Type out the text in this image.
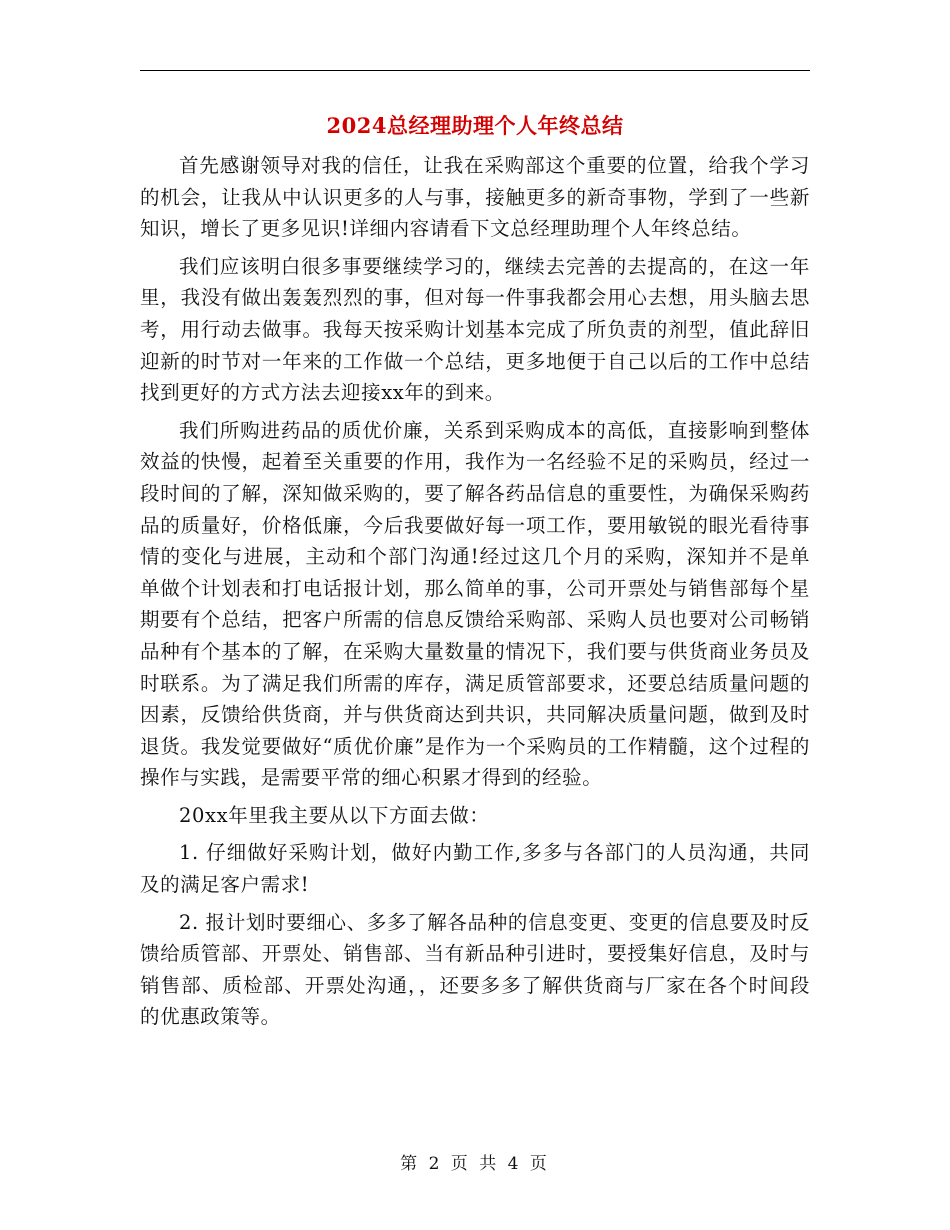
2024总经理助理个人年终总结

首先感谢领导对我的信任，让我在采购部这个重要的位置，给我个学习的机会，让我从中认识更多的人与事，接触更多的新奇事物，学到了一些新知识，增长了更多见识!详细内容请看下文总经理助理个人年终总结。

我们应该明白很多事要继续学习的，继续去完善的去提高的，在这一年里，我没有做出轰轰烈烈的事，但对每一件事我都会用心去想，用头脑去思考，用行动去做事。我每天按采购计划基本完成了所负责的剂型，值此辞旧迎新的时节对一年来的工作做一个总结，更多地便于自己以后的工作中总结找到更好的方式方法去迎接xx年的到来。

我们所购进药品的质优价廉，关系到采购成本的高低，直接影响到整体效益的快慢，起着至关重要的作用，我作为一名经验不足的采购员，经过一段时间的了解，深知做采购的，要了解各药品信息的重要性，为确保采购药品的质量好，价格低廉，今后我要做好每一项工作，要用敏锐的眼光看待事情的变化与进展，主动和个部门沟通!经过这几个月的采购，深知并不是单单做个计划表和打电话报计划，那么简单的事，公司开票处与销售部每个星期要有个总结，把客户所需的信息反馈给采购部、采购人员也要对公司畅销品种有个基本的了解，在采购大量数量的情况下，我们要与供货商业务员及时联系。为了满足我们所需的库存，满足质管部要求，还要总结质量问题的因素，反馈给供货商，并与供货商达到共识，共同解决质量问题，做到及时退货。我发觉要做好“质优价廉”是作为一个采购员的工作精髓，这个过程的操作与实践，是需要平常的细心积累才得到的经验。

20xx年里我主要从以下方面去做：

1. 仔细做好采购计划，做好内勤工作,多多与各部门的人员沟通，共同及的满足客户需求!

2. 报计划时要细心、多多了解各品种的信息变更、变更的信息要及时反馈给质管部、开票处、销售部、当有新品种引进时，要授集好信息，及时与销售部、质检部、开票处沟通，，还要多多了解供货商与厂家在各个时间段的优惠政策等。

第 2 页 共 4 页
